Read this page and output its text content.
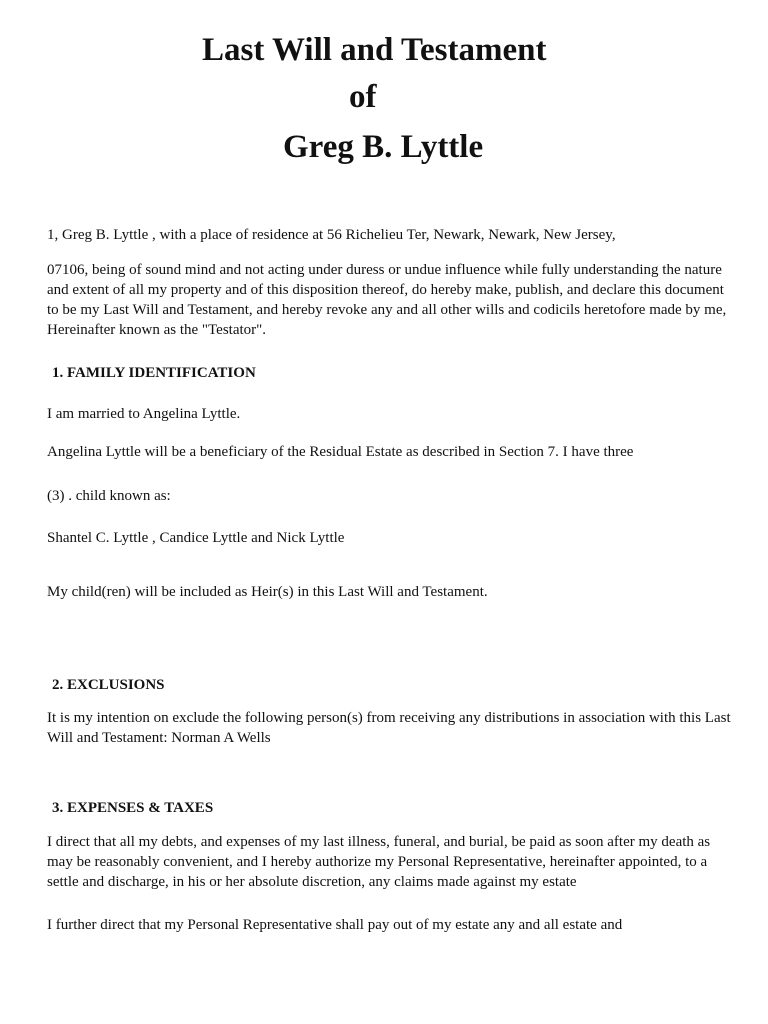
Last Will and Testament
of
Greg B. Lyttle

1, Greg B. Lyttle , with a place of residence at 56 Richelieu Ter, Newark, Newark, New Jersey,

07106, being of sound mind and not acting under duress or undue influence while fully understanding the nature and extent of all my property and of this disposition thereof, do hereby make, publish, and declare this document to be my Last Will and Testament, and hereby revoke any and all other wills and codicils heretofore made by me, Hereinafter known as the "Testator".

1. FAMILY IDENTIFICATION

I am married to Angelina Lyttle.

Angelina Lyttle will be a beneficiary of the Residual Estate as described in Section 7. I have three

(3) . child known as:

Shantel C. Lyttle , Candice Lyttle and Nick Lyttle

My child(ren) will be included as Heir(s) in this Last Will and Testament.

2. EXCLUSIONS

It is my intention on exclude the following person(s) from receiving any distributions in association with this Last Will and Testament: Norman A Wells

3. EXPENSES & TAXES

I direct that all my debts, and expenses of my last illness, funeral, and burial, be paid as soon after my death as may be reasonably convenient, and I hereby authorize my Personal Representative, hereinafter appointed, to a settle and discharge, in his or her absolute discretion, any claims made against my estate

I further direct that my Personal Representative shall pay out of my estate any and all estate and
